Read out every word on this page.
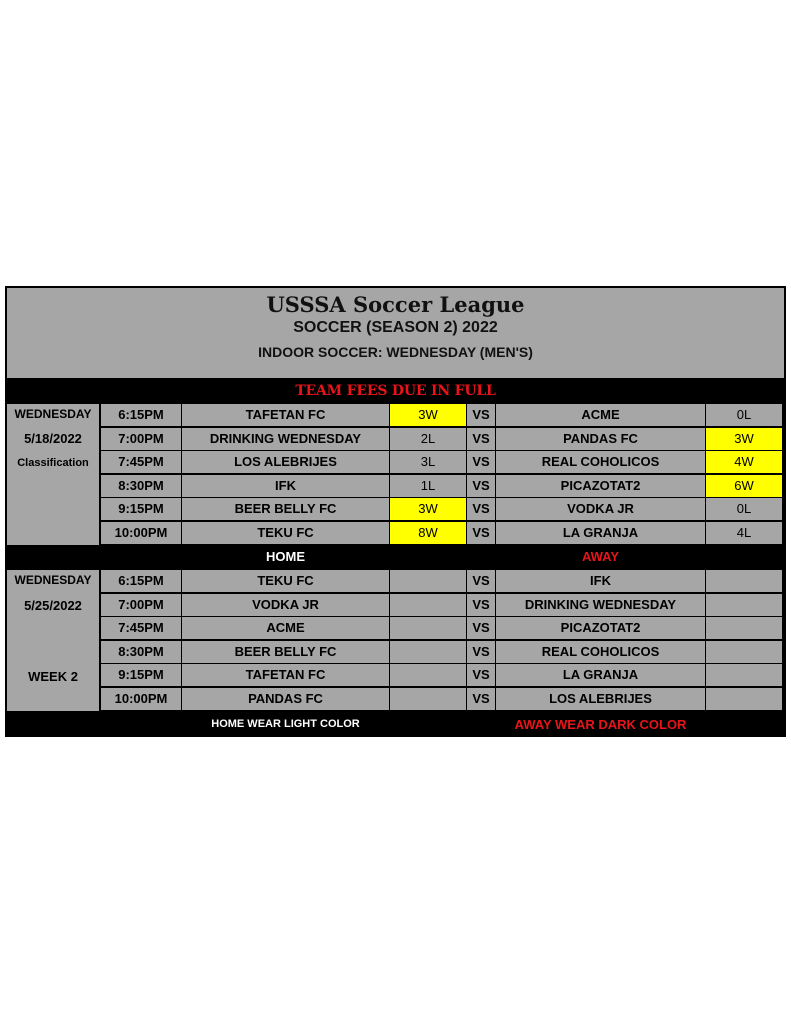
USSSA Soccer League
SOCCER (SEASON 2) 2022
INDOOR SOCCER: WEDNESDAY (MEN'S)
TEAM FEES DUE IN FULL
WEDNESDAY
5/18/2022
Classification
6:15PM	TAFETAN FC	3W	VS	ACME	0L
7:00PM	DRINKING WEDNESDAY	2L	VS	PANDAS FC	3W
7:45PM	LOS ALEBRIJES	3L	VS	REAL COHOLICOS	4W
8:30PM	IFK	1L	VS	PICAZOTAT2	6W
9:15PM	BEER BELLY FC	3W	VS	VODKA JR	0L
10:00PM	TEKU FC	8W	VS	LA GRANJA	4L
HOME	AWAY
WEDNESDAY
5/25/2022
WEEK 2
6:15PM	TEKU FC	VS	IFK
7:00PM	VODKA JR	VS	DRINKING WEDNESDAY
7:45PM	ACME	VS	PICAZOTAT2
8:30PM	BEER BELLY FC	VS	REAL COHOLICOS
9:15PM	TAFETAN FC	VS	LA GRANJA
10:00PM	PANDAS FC	VS	LOS ALEBRIJES
HOME WEAR LIGHT COLOR	AWAY WEAR DARK COLOR
